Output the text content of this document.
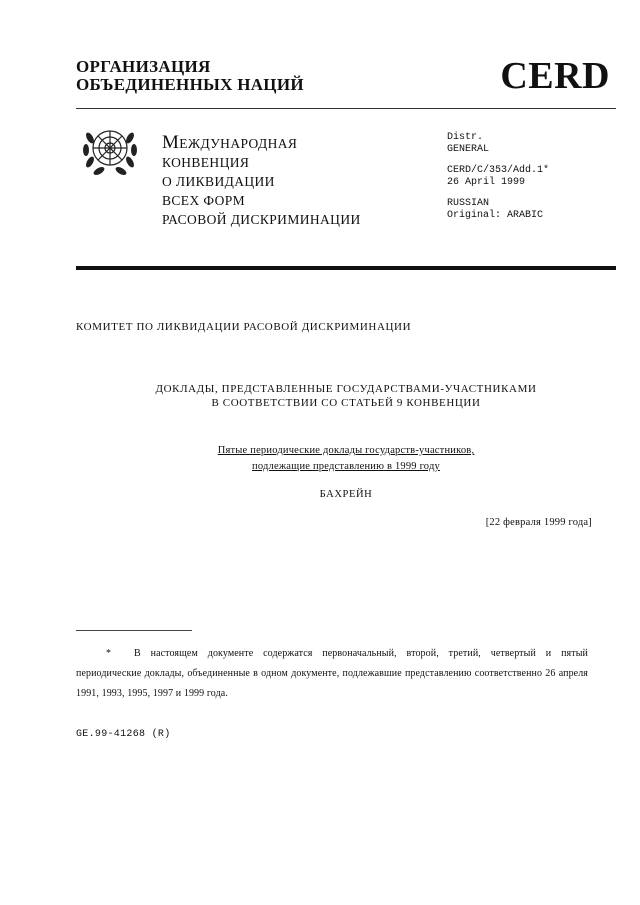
ОРГАНИЗАЦИЯ
ОБЪЕДИНЕННЫХ НАЦИЙ	CERD
МЕЖДУНАРОДНАЯ
КОНВЕНЦИЯ
О ЛИКВИДАЦИИ
ВСЕХ ФОРМ
РАСОВОЙ ДИСКРИМИНАЦИИ
Distr.
GENERAL
CERD/C/353/Add.1*
26 April 1999
RUSSIAN
Original: ARABIC
КОМИТЕТ ПО ЛИКВИДАЦИИ РАСОВОЙ ДИСКРИМИНАЦИИ
ДОКЛАДЫ, ПРЕДСТАВЛЕННЫЕ ГОСУДАРСТВАМИ-УЧАСТНИКАМИ
В СООТВЕТСТВИИ СО СТАТЬЕЙ 9 КОНВЕНЦИИ
Пятые периодические доклады государств-участников,
подлежащие представлению в 1999 году
БАХРЕЙН
[22 февраля 1999 года]
* В настоящем документе содержатся первоначальный, второй, третий, четвертый и пятый периодические доклады, объединенные в одном документе, подлежавшие представлению соответственно 26 апреля 1991, 1993, 1995, 1997 и 1999 года.
GE.99-41268 (R)
